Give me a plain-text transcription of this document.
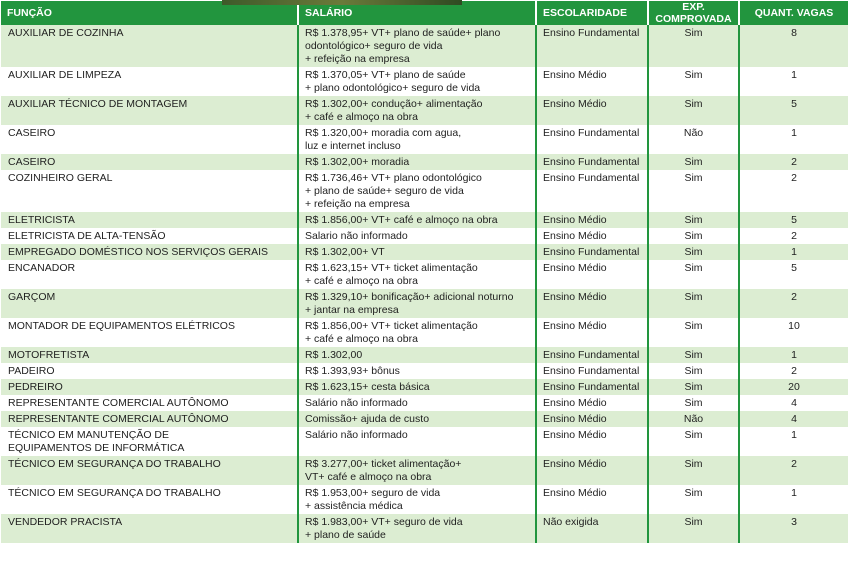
FUNÇÃO	SALÁRIO	ESCOLARIDADE	EXP. COMPROVADA	QUANT. VAGAS
AUXILIAR DE COZINHA	R$ 1.378,95+ VT+ plano de saúde+ plano
odontológico+ seguro de vida
+ refeição na empresa	Ensino Fundamental	Sim	8
AUXILIAR DE LIMPEZA	R$ 1.370,05+ VT+ plano de saúde
+ plano odontológico+ seguro de vida	Ensino Médio	Sim	1
AUXILIAR TÉCNICO DE MONTAGEM	R$ 1.302,00+ condução+ alimentação
+ café e almoço na obra	Ensino Médio	Sim	5
CASEIRO	R$ 1.320,00+ moradia com agua,
luz e internet incluso	Ensino Fundamental	Não	1
CASEIRO	R$ 1.302,00+ moradia	Ensino Fundamental	Sim	2
COZINHEIRO GERAL	R$ 1.736,46+ VT+ plano odontológico
+ plano de saúde+ seguro de vida
+ refeição na empresa	Ensino Fundamental	Sim	2
ELETRICISTA	R$ 1.856,00+ VT+ café e almoço na obra	Ensino Médio	Sim	5
ELETRICISTA DE ALTA-TENSÃO	Salario não informado	Ensino Médio	Sim	2
EMPREGADO DOMÉSTICO NOS SERVIÇOS GERAIS	R$ 1.302,00+ VT	Ensino Fundamental	Sim	1
ENCANADOR	R$ 1.623,15+ VT+ ticket alimentação
+ café e almoço na obra	Ensino Médio	Sim	5
GARÇOM	R$ 1.329,10+ bonificação+ adicional noturno
+ jantar na empresa	Ensino Médio	Sim	2
MONTADOR DE EQUIPAMENTOS ELÉTRICOS	R$ 1.856,00+ VT+ ticket alimentação
+ café e almoço na obra	Ensino Médio	Sim	10
MOTOFRETISTA	R$ 1.302,00	Ensino Fundamental	Sim	1
PADEIRO	R$ 1.393,93+ bônus	Ensino Fundamental	Sim	2
PEDREIRO	R$ 1.623,15+ cesta básica	Ensino Fundamental	Sim	20
REPRESENTANTE COMERCIAL AUTÔNOMO	Salário não informado	Ensino Médio	Sim	4
REPRESENTANTE COMERCIAL AUTÔNOMO	Comissão+ ajuda de custo	Ensino Médio	Não	4
TÉCNICO EM MANUTENÇÃO DE
EQUIPAMENTOS DE INFORMÁTICA	Salário não informado	Ensino Médio	Sim	1
TÉCNICO EM SEGURANÇA DO TRABALHO	R$ 3.277,00+ ticket alimentação+
VT+ café e almoço na obra	Ensino Médio	Sim	2
TÉCNICO EM SEGURANÇA DO TRABALHO	R$ 1.953,00+ seguro de vida
+ assistência médica	Ensino Médio	Sim	1
VENDEDOR PRACISTA	R$ 1.983,00+ VT+ seguro de vida
+ plano de saúde	Não exigida	Sim	3
